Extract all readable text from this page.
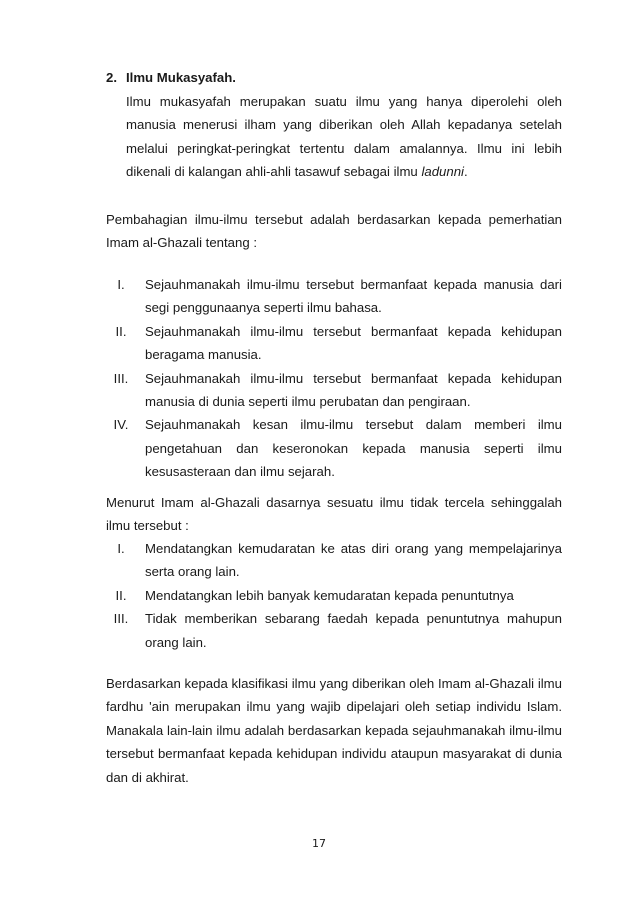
2. Ilmu Mukasyafah.
Ilmu mukasyafah merupakan suatu ilmu yang hanya diperolehi oleh manusia menerusi ilham yang diberikan oleh Allah kepadanya setelah melalui peringkat-peringkat tertentu dalam amalannya. Ilmu ini lebih dikenali di kalangan ahli-ahli tasawuf sebagai ilmu ladunni.
Pembahagian ilmu-ilmu tersebut adalah berdasarkan kepada pemerhatian Imam al-Ghazali tentang :
I.	Sejauhmanakah ilmu-ilmu tersebut bermanfaat kepada manusia dari segi penggunaanya seperti ilmu bahasa.
II.	Sejauhmanakah ilmu-ilmu tersebut bermanfaat kepada kehidupan beragama manusia.
III.	Sejauhmanakah ilmu-ilmu tersebut bermanfaat kepada kehidupan manusia di dunia seperti ilmu perubatan dan pengiraan.
IV.	Sejauhmanakah kesan ilmu-ilmu tersebut dalam memberi ilmu pengetahuan dan keseronokan kepada manusia seperti ilmu kesusasteraan dan ilmu sejarah.
Menurut Imam al-Ghazali dasarnya sesuatu ilmu tidak tercela sehinggalah ilmu tersebut :
I.	Mendatangkan kemudaratan ke atas diri orang yang mempelajarinya serta orang lain.
II.	Mendatangkan lebih banyak kemudaratan kepada penuntutnya
III.	Tidak memberikan sebarang faedah kepada penuntutnya mahupun orang lain.
Berdasarkan kepada klasifikasi ilmu yang diberikan oleh Imam al-Ghazali ilmu fardhu 'ain merupakan ilmu yang wajib dipelajari oleh setiap individu Islam. Manakala lain-lain ilmu adalah berdasarkan kepada sejauhmanakah ilmu-ilmu tersebut bermanfaat kepada kehidupan individu ataupun masyarakat di dunia dan di akhirat.
17
